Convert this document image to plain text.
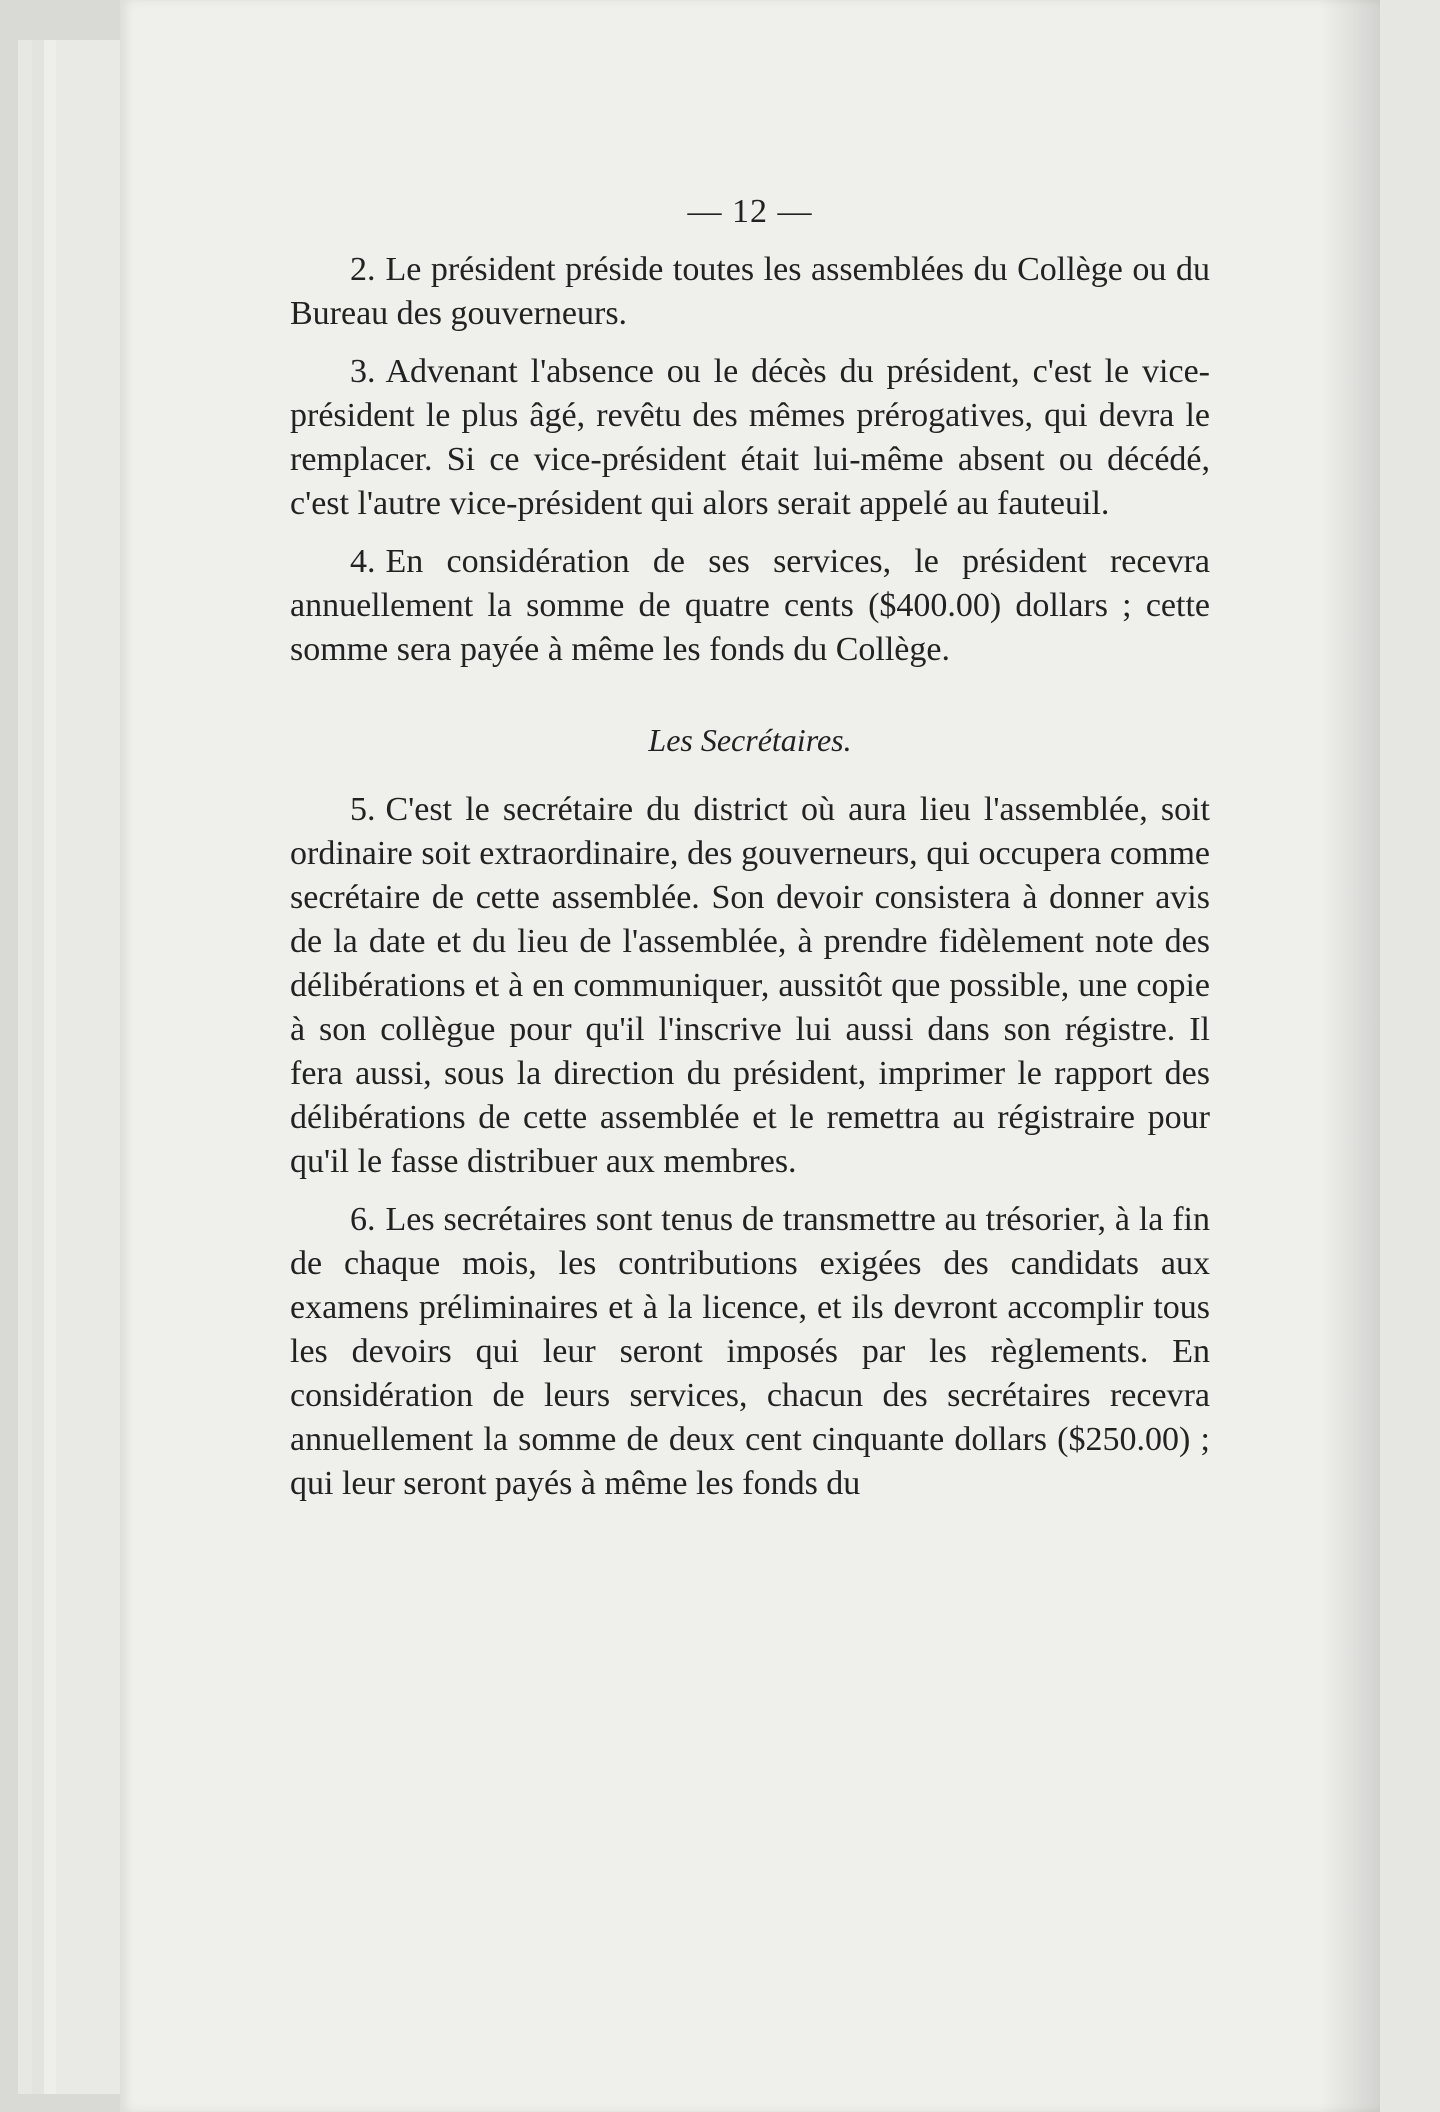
— 12 —

2. Le président préside toutes les assemblées du Collège ou du Bureau des gouverneurs.

3. Advenant l'absence ou le décès du président, c'est le vice-président le plus âgé, revêtu des mêmes prérogatives, qui devra le remplacer. Si ce vice-président était lui-même absent ou décédé, c'est l'autre vice-président qui alors serait appelé au fauteuil.

4. En considération de ses services, le président recevra annuellement la somme de quatre cents ($400.00) dollars ; cette somme sera payée à même les fonds du Collège.

Les Secrétaires.

5. C'est le secrétaire du district où aura lieu l'assemblée, soit ordinaire soit extraordinaire, des gouverneurs, qui occupera comme secrétaire de cette assemblée. Son devoir consistera à donner avis de la date et du lieu de l'assemblée, à prendre fidèlement note des délibérations et à en communiquer, aussitôt que possible, une copie à son collègue pour qu'il l'inscrive lui aussi dans son régistre. Il fera aussi, sous la direction du président, imprimer le rapport des délibérations de cette assemblée et le remettra au régistraire pour qu'il le fasse distribuer aux membres.

6. Les secrétaires sont tenus de transmettre au trésorier, à la fin de chaque mois, les contributions exigées des candidats aux examens préliminaires et à la licence, et ils devront accomplir tous les devoirs qui leur seront imposés par les règlements. En considération de leurs services, chacun des secrétaires recevra annuellement la somme de deux cent cinquante dollars ($250.00) ; qui leur seront payés à même les fonds du
